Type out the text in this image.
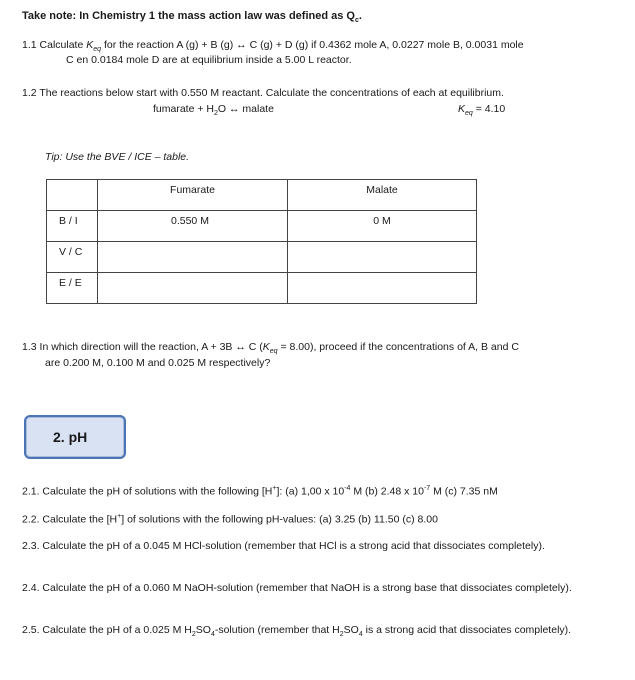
Take note: In Chemistry 1 the mass action law was defined as $Q_c$.
1.1 Calculate $K_{eq}$ for the reaction A (g) + B (g) ↔ C (g) + D (g) if 0.4362 mole A, 0.0227 mole B, 0.0031 mole
C en 0.0184 mole D are at equilibrium inside a 5.00 L reactor.
1.2 The reactions below start with 0.550 M reactant. Calculate the concentrations of each at equilibrium.
fumarate + $H_2O$ ↔ malate	$K_{eq} = 4.10$
Tip: Use the BVE / ICE – table.

	Fumarate	Malate

B / I	0.550 M	0 M

V / C		

E / E		

1.3 In which direction will the reaction, A + 3B ↔ C $(K_{eq} = 8.00)$, proceed if the concentrations of A, B and C
are 0.200 M, 0.100 M and 0.025 M respectively?
2. pH
2.1. Calculate the pH of solutions with the following [H+]: (a) 1,00 x $10^{-4}$ M (b) 2.48 x $10^{-7}$ M (c) 7.35 nM
2.2. Calculate the [H+] of solutions with the following pH-values: (a) 3.25 (b) 11.50 (c) 8.00
2.3. Calculate the pH of a 0.045 M HCl-solution (remember that HCl is a strong acid that dissociates completely).
2.4. Calculate the pH of a 0.060 M NaOH-solution (remember that NaOH is a strong base that dissociates completely).
2.5. Calculate the pH of a 0.025 M $H_2SO_4$-solution (remember that $H_2SO_4$ is a strong acid that dissociates completely).
